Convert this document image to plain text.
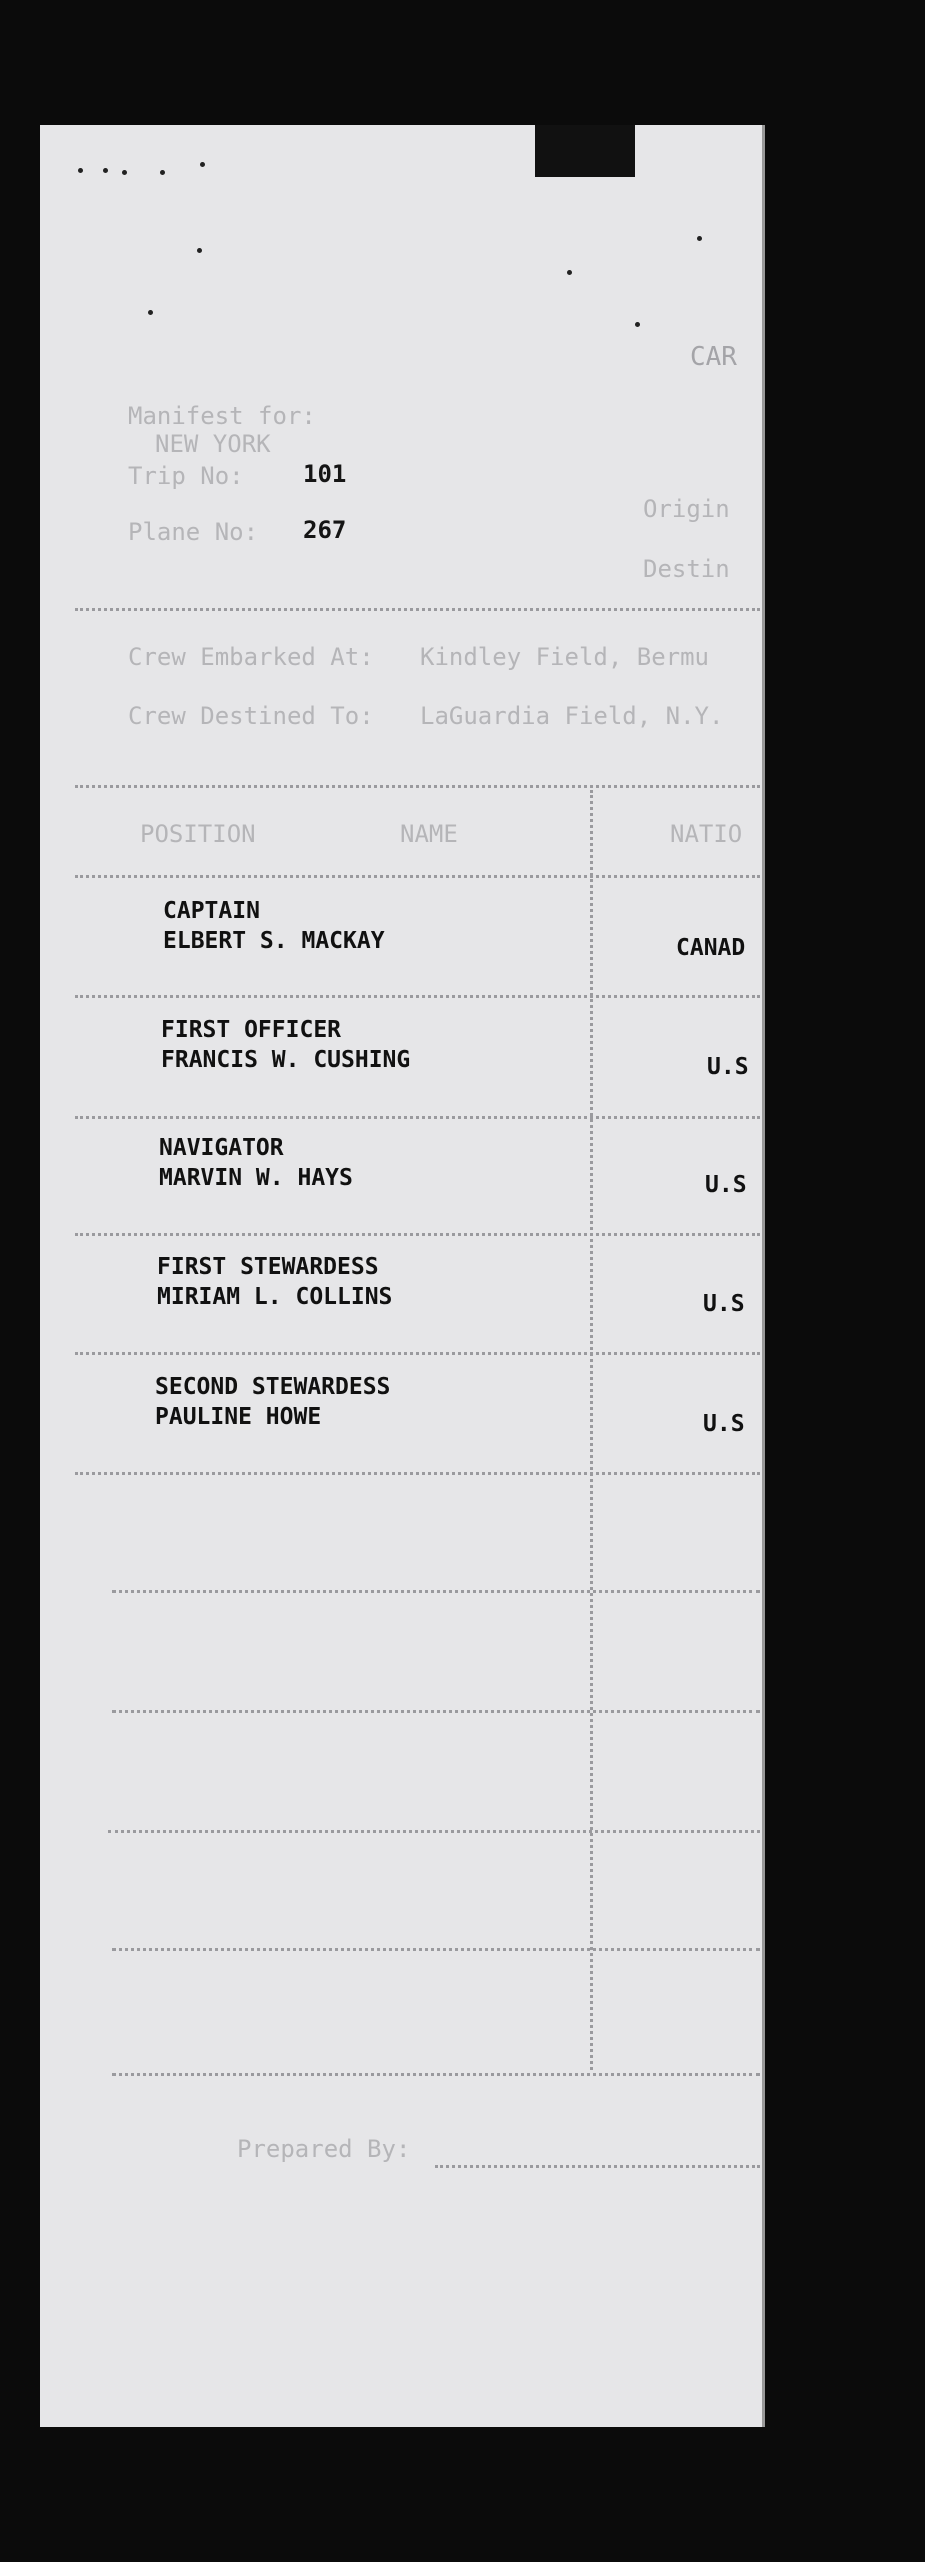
CAR
Manifest for:
NEW YORK
Trip No: 101
Plane No: 267
Origin
Destin
Crew Embarked At: Kindley Field, Bermu
Crew Destined To: LaGuardia Field, N.Y.
POSITION	NAME	NATIO
CAPTAIN
ELBERT S. MACKAY	CANAD
FIRST OFFICER
FRANCIS W. CUSHING	U.S
NAVIGATOR
MARVIN W. HAYS	U.S
FIRST STEWARDESS
MIRIAM L. COLLINS	U.S
SECOND STEWARDESS
PAULINE HOWE	U.S
Prepared By:
